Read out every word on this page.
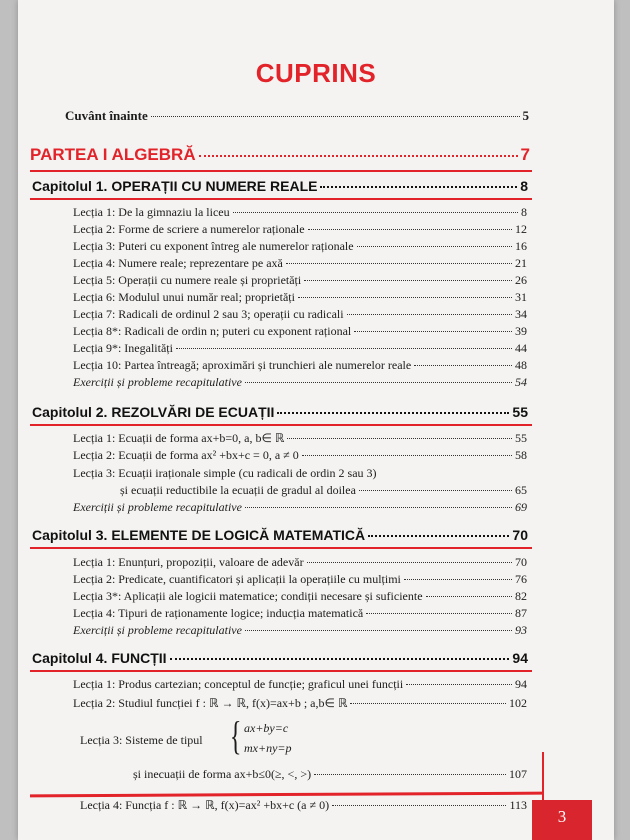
CUPRINS
Cuvânt înainte	5
PARTEA I ALGEBRĂ	7
Capitolul 1. OPERAȚII CU NUMERE REALE	8
Lecția 1: De la gimnaziu la liceu	8
Lecția 2: Forme de scriere a numerelor raționale	12
Lecția 3: Puteri cu exponent întreg ale numerelor raționale	16
Lecția 4: Numere reale; reprezentare pe axă	21
Lecția 5: Operații cu numere reale și proprietăți	26
Lecția 6: Modulul unui număr real; proprietăți	31
Lecția 7: Radicali de ordinul 2 sau 3; operații cu radicali	34
Lecția 8*: Radicali de ordin n; puteri cu exponent rațional	39
Lecția 9*: Inegalități	44
Lecția 10: Partea întreagă; aproximări și trunchieri ale numerelor reale	48
Exerciții și probleme recapitulative	54
Capitolul 2. REZOLVĂRI DE ECUAȚII	55
Lecția 1: Ecuații de forma ax+b=0, a, b∈ ℝ	55
Lecția 2: Ecuații de forma ax² +bx+c = 0, a ≠ 0	58
Lecția 3: Ecuații iraționale simple (cu radicali de ordin 2 sau 3)
și ecuații reductibile la ecuații de gradul al doilea	65
Exerciții și probleme recapitulative	69
Capitolul 3. ELEMENTE DE LOGICĂ MATEMATICĂ	70
Lecția 1: Enunțuri, propoziții, valoare de adevăr	70
Lecția 2: Predicate, cuantificatori și aplicații la operațiile cu mulțimi	76
Lecția 3*: Aplicații ale logicii matematice; condiții necesare și suficiente	82
Lecția 4: Tipuri de raționamente logice; inducția matematică	87
Exerciții și probleme recapitulative	93
Capitolul 4. FUNCȚII	94
Lecția 1: Produs cartezian; conceptul de funcție; graficul unei funcții	94
Lecția 2: Studiul funcției f : ℝ → ℝ, f(x)=ax+b ; a,b∈ ℝ	102
Lecția 3: Sisteme de tipul { ax+by=c
mx+ny=p
și inecuații de forma ax+b≤0(≥, <, >)	107
Lecția 4: Funcția f : ℝ → ℝ, f(x)=ax² +bx+c (a ≠ 0)	113
3
